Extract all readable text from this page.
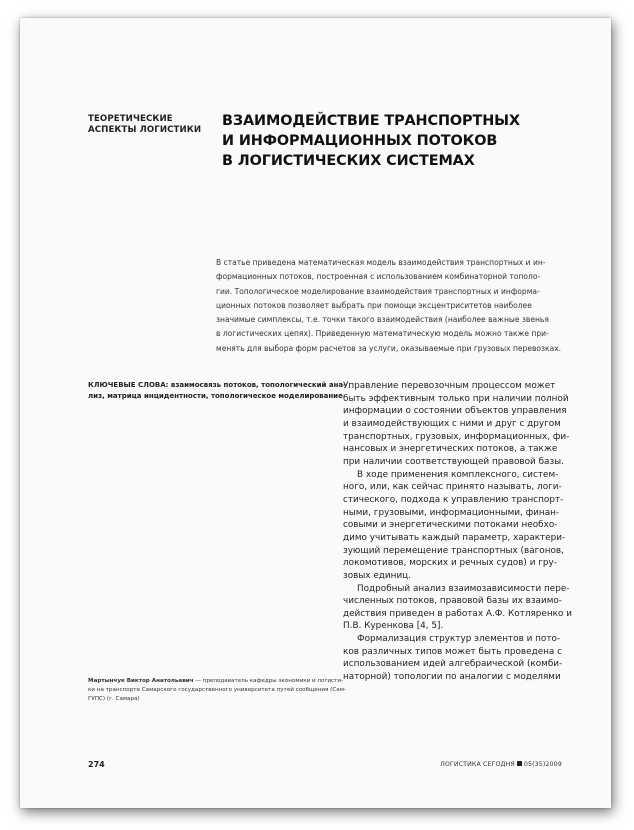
ТЕОРЕТИЧЕСКИЕ
АСПЕКТЫ ЛОГИСТИКИ
ВЗАИМОДЕЙСТВИЕ ТРАНСПОРТНЫХ
И ИНФОРМАЦИОННЫХ ПОТОКОВ
В ЛОГИСТИЧЕСКИХ СИСТЕМАХ
В статье приведена математическая модель взаимодействия транспортных и ин-
формационных потоков, построенная с использованием комбинаторной тополо-
гии. Топологическое моделирование взаимодействия транспортных и информа-
ционных потоков позволяет выбрать при помощи эксцентриситетов наиболее
значимые симплексы, т.е. точки такого взаимодействия (наиболее важные звенья
в логистических цепях). Приведенную математическую модель можно также при-
менять для выбора форм расчетов за услуги, оказываемые при грузовых перевозках.
КЛЮЧЕВЫЕ СЛОВА: взаимосвязь потоков, топологический ана-
лиз, матрица инцидентности, топологическое моделирование
Управление перевозочным процессом может
быть эффективным только при наличии полной
информации о состоянии объектов управления
и взаимодействующих с ними и друг с другом
транспортных, грузовых, информационных, фи-
нансовых и энергетических потоков, а также
при наличии соответствующей правовой базы.
В ходе применения комплексного, систем-
ного, или, как сейчас принято называть, логи-
стического, подхода к управлению транспорт-
ными, грузовыми, информационными, финан-
совыми и энергетическими потоками необхо-
димо учитывать каждый параметр, характери-
зующий перемещение транспортных (вагонов,
локомотивов, морских и речных судов) и гру-
зовых единиц.
Подробный анализ взаимозависимости пере-
численных потоков, правовой базы их взаимо-
действия приведен в работах А.Ф. Котляренко и
П.В. Куренкова [4, 5].
Формализация структур элементов и пото-
ков различных типов может быть проведена с
использованием идей алгебраической (комби-
наторной) топологии по аналогии с моделями
Мартынчук Виктор Анатольевич — преподаватель кафедры экономики и логисти-
ки на транспорте Самарского государственного университета путей сообщения (Сам-
ГУПС) (г. Самара)
274	ЛОГИСТИКА СЕГОДНЯ 05(35)2009
